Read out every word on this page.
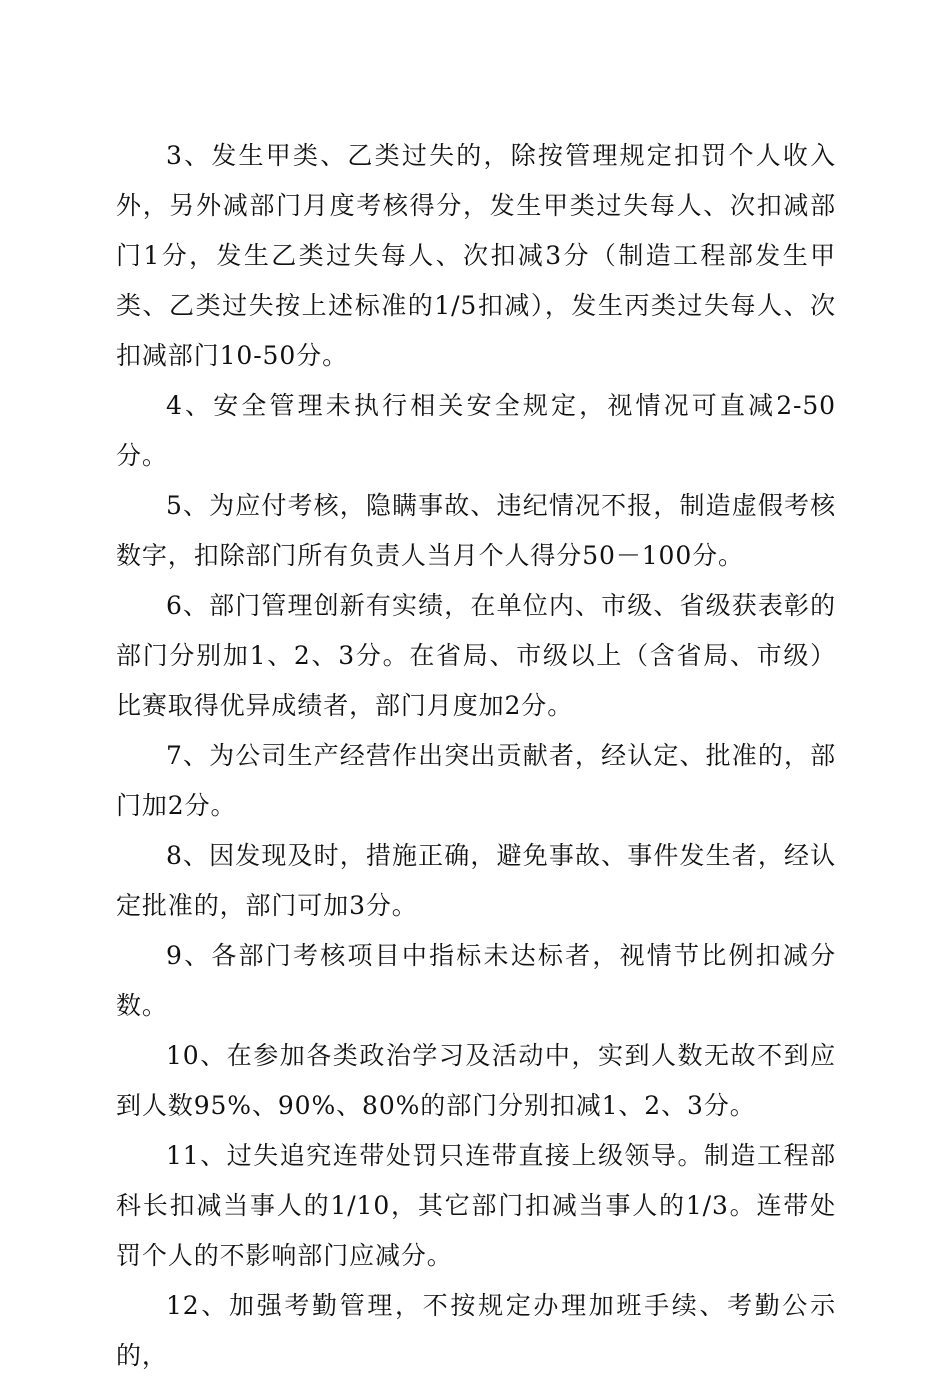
3、发生甲类、乙类过失的，除按管理规定扣罚个人收入外，另外减部门月度考核得分，发生甲类过失每人、次扣减部门1分，发生乙类过失每人、次扣减3分（制造工程部发生甲类、乙类过失按上述标准的1/5扣减），发生丙类过失每人、次扣减部门10-50分。

4、安全管理未执行相关安全规定，视情况可直减2-50分。

5、为应付考核，隐瞒事故、违纪情况不报，制造虚假考核数字，扣除部门所有负责人当月个人得分50－100分。

6、部门管理创新有实绩，在单位内、市级、省级获表彰的部门分别加1、2、3分。在省局、市级以上（含省局、市级）比赛取得优异成绩者，部门月度加2分。

7、为公司生产经营作出突出贡献者，经认定、批准的，部门加2分。

8、因发现及时，措施正确，避免事故、事件发生者，经认定批准的，部门可加3分。

9、各部门考核项目中指标未达标者，视情节比例扣减分数。

10、在参加各类政治学习及活动中，实到人数无故不到应到人数95%、90%、80%的部门分别扣减1、2、3分。

11、过失追究连带处罚只连带直接上级领导。制造工程部科长扣减当事人的1/10，其它部门扣减当事人的1/3。连带处罚个人的不影响部门应减分。

12、加强考勤管理，不按规定办理加班手续、考勤公示的，
